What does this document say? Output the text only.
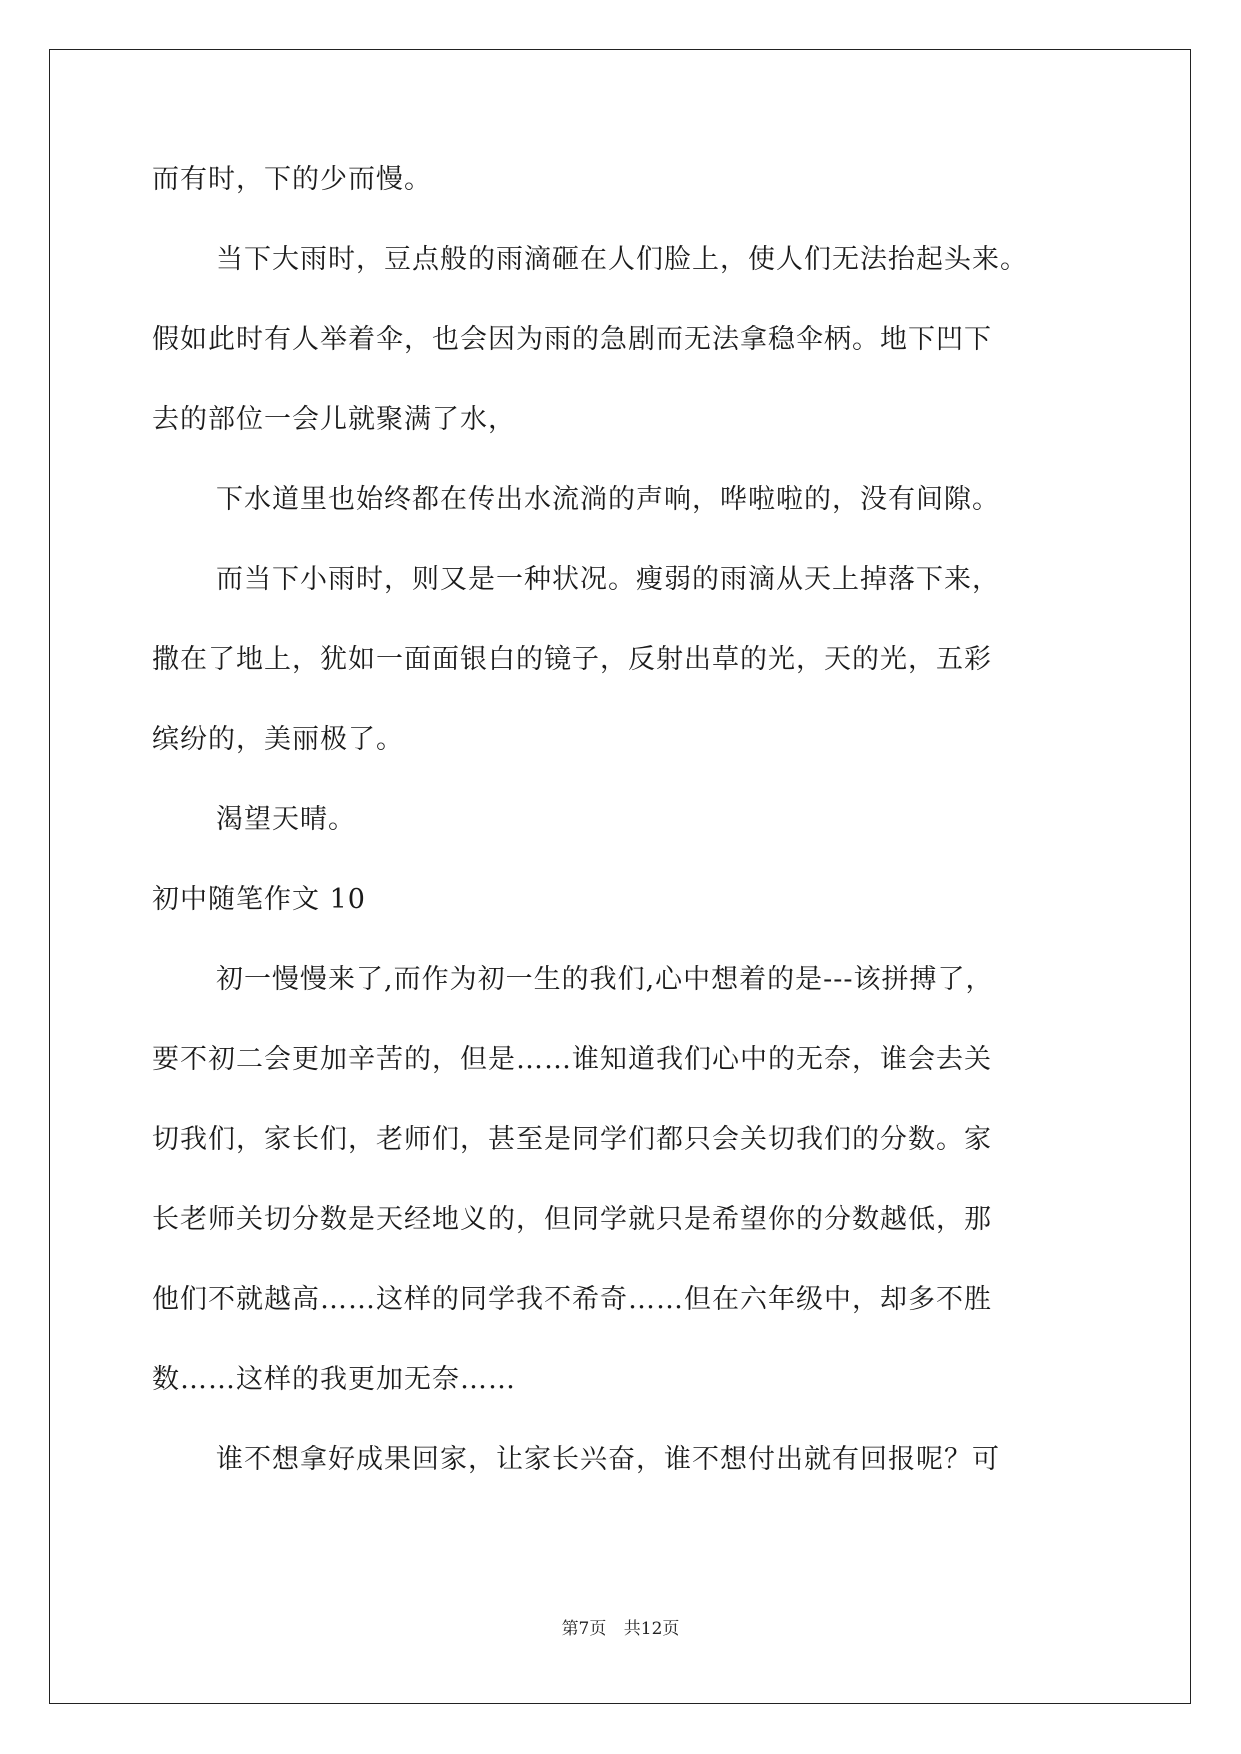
而有时，下的少而慢。
当下大雨时，豆点般的雨滴砸在人们脸上，使人们无法抬起头来。
假如此时有人举着伞，也会因为雨的急剧而无法拿稳伞柄。地下凹下
去的部位一会儿就聚满了水，
下水道里也始终都在传出水流淌的声响，哗啦啦的，没有间隙。
而当下小雨时，则又是一种状况。瘦弱的雨滴从天上掉落下来，
撒在了地上，犹如一面面银白的镜子，反射出草的光，天的光，五彩
缤纷的，美丽极了。
渴望天晴。
初中随笔作文 10
初一慢慢来了,而作为初一生的我们,心中想着的是---该拼搏了，
要不初二会更加辛苦的，但是……谁知道我们心中的无奈，谁会去关
切我们，家长们，老师们，甚至是同学们都只会关切我们的分数。家
长老师关切分数是天经地义的，但同学就只是希望你的分数越低，那
他们不就越高……这样的同学我不希奇……但在六年级中，却多不胜
数……这样的我更加无奈……
谁不想拿好成果回家，让家长兴奋，谁不想付出就有回报呢？可
第7页 共12页
